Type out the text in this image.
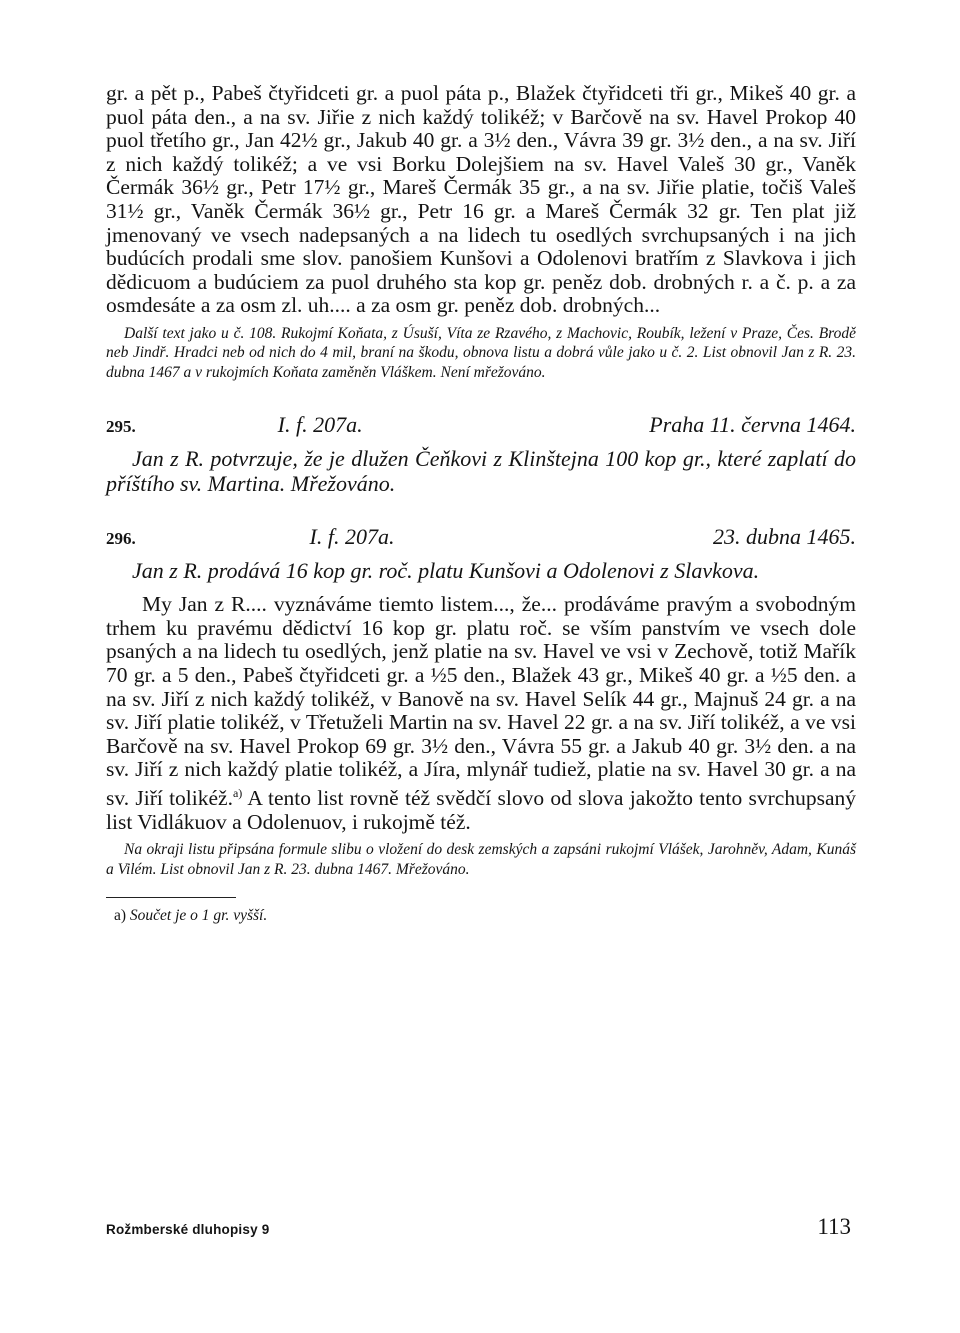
gr. a pět p., Pabeš čtyřidceti gr. a puol páta p., Blažek čtyřidceti tři gr., Mikeš 40 gr. a puol páta den., a na sv. Jiřie z nich každý tolikéž; v Barčově na sv. Havel Prokop 40 puol třetího gr., Jan 42½ gr., Jakub 40 gr. a 3½ den., Vávra 39 gr. 3½ den., a na sv. Jiří z nich každý tolikéž; a ve vsi Borku Dolejšiem na sv. Havel Valeš 30 gr., Vaněk Čermák 36½ gr., Petr 17½ gr., Mareš Čermák 35 gr., a na sv. Jiřie platie, točiš Valeš 31½ gr., Vaněk Čermák 36½ gr., Petr 16 gr. a Mareš Čermák 32 gr. Ten plat již jmenovaný ve vsech nadepsaných a na lidech tu osedlých svrchupsaných i na jich budúcích prodali sme slov. panošiem Kunšovi a Odolenovi bratřím z Slavkova i jich dědicuom a budúciem za puol druhého sta kop gr. peněz dob. drobných r. a č. p. a za osmdesáte a za osm zl. uh.... a za osm gr. peněz dob. drobných...

Další text jako u č. 108. Rukojmí Koňata, z Úsuší, Víta ze Rzavého, z Machovic, Roubík, ležení v Praze, Čes. Brodě neb Jindř. Hradci neb od nich do 4 mil, braní na škodu, obnova listu a dobrá vůle jako u č. 2. List obnovil Jan z R. 23. dubna 1467 a v rukojmích Koňata zaměněn Vláškem. Není mřežováno.

295.	I. f. 207a.	Praha 11. června 1464.

Jan z R. potvrzuje, že je dlužen Čeňkovi z Klinštejna 100 kop gr., které zaplatí do příštího sv. Martina. Mřežováno.

296.	I. f. 207a.	23. dubna 1465.

Jan z R. prodává 16 kop gr. roč. platu Kunšovi a Odolenovi z Slavkova.

My Jan z R.... vyznáváme tiemto listem..., že... prodáváme pravým a svobodným trhem ku pravému dědictví 16 kop gr. platu roč. se vším panstvím ve vsech dole psaných a na lidech tu osedlých, jenž platie na sv. Havel ve vsi v Zechově, totiž Mařík 70 gr. a 5 den., Pabeš čtyřidceti gr. a ½5 den., Blažek 43 gr., Mikeš 40 gr. a ½5 den. a na sv. Jiří z nich každý tolikéž, v Banově na sv. Havel Selík 44 gr., Majnuš 24 gr. a na sv. Jiří platie tolikéž, v Třetuželi Martin na sv. Havel 22 gr. a na sv. Jiří tolikéž, a ve vsi Barčově na sv. Havel Prokop 69 gr. 3½ den., Vávra 55 gr. a Jakub 40 gr. 3½ den. a na sv. Jiří z nich každý platie tolikéž, a Jíra, mlynář tudiež, platie na sv. Havel 30 gr. a na sv. Jiří tolikéž.$^{a)}$ A tento list rovně též svědčí slovo od slova jakožto tento svrchupsaný list Vidlákuov a Odolenuov, i rukojmě též.

Na okraji listu připsána formule slibu o vložení do desk zemských a zapsáni rukojmí Vlášek, Jarohněv, Adam, Kunáš a Vilém. List obnovil Jan z R. 23. dubna 1467. Mřežováno.

a) Součet je o 1 gr. vyšší.

Rožmberské dluhopisy 9	113
